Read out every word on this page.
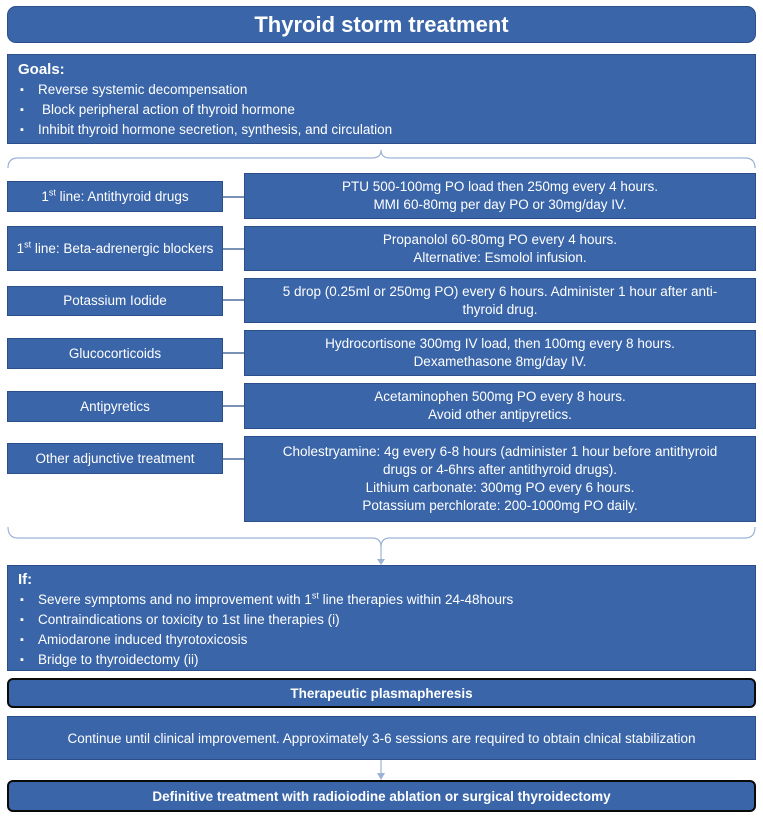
Thyroid storm treatment
Goals:
▪ Reverse systemic decompensation
▪ Block peripheral action of thyroid hormone
▪ Inhibit thyroid hormone secretion, synthesis, and circulation
1st line: Antithyroid drugs
PTU 500-100mg PO load then 250mg every 4 hours.
MMI 60-80mg per day PO or 30mg/day IV.
1st line: Beta-adrenergic blockers
Propanolol 60-80mg PO every 4 hours.
Alternative: Esmolol infusion.
Potassium Iodide
5 drop (0.25ml or 250mg PO) every 6 hours. Administer 1 hour after anti-thyroid drug.
Glucocorticoids
Hydrocortisone 300mg IV load, then 100mg every 8 hours.
Dexamethasone 8mg/day IV.
Antipyretics
Acetaminophen 500mg PO every 8 hours.
Avoid other antipyretics.
Other adjunctive treatment	Cholestryamine: 4g every 6-8 hours (administer 1 hour before antithyroid drugs or 4-6hrs after antithyroid drugs).
Lithium carbonate: 300mg PO every 6 hours.
Potassium perchlorate: 200-1000mg PO daily.
If:
▪ Severe symptoms and no improvement with 1st line therapies within 24-48hours
▪ Contraindications or toxicity to 1st line therapies (i)
▪ Amiodarone induced thyrotoxicosis
▪ Bridge to thyroidectomy (ii)
Therapeutic plasmapheresis
Continue until clinical improvement. Approximately 3-6 sessions are required to obtain clnical stabilization
Definitive treatment with radioiodine ablation or surgical thyroidectomy
